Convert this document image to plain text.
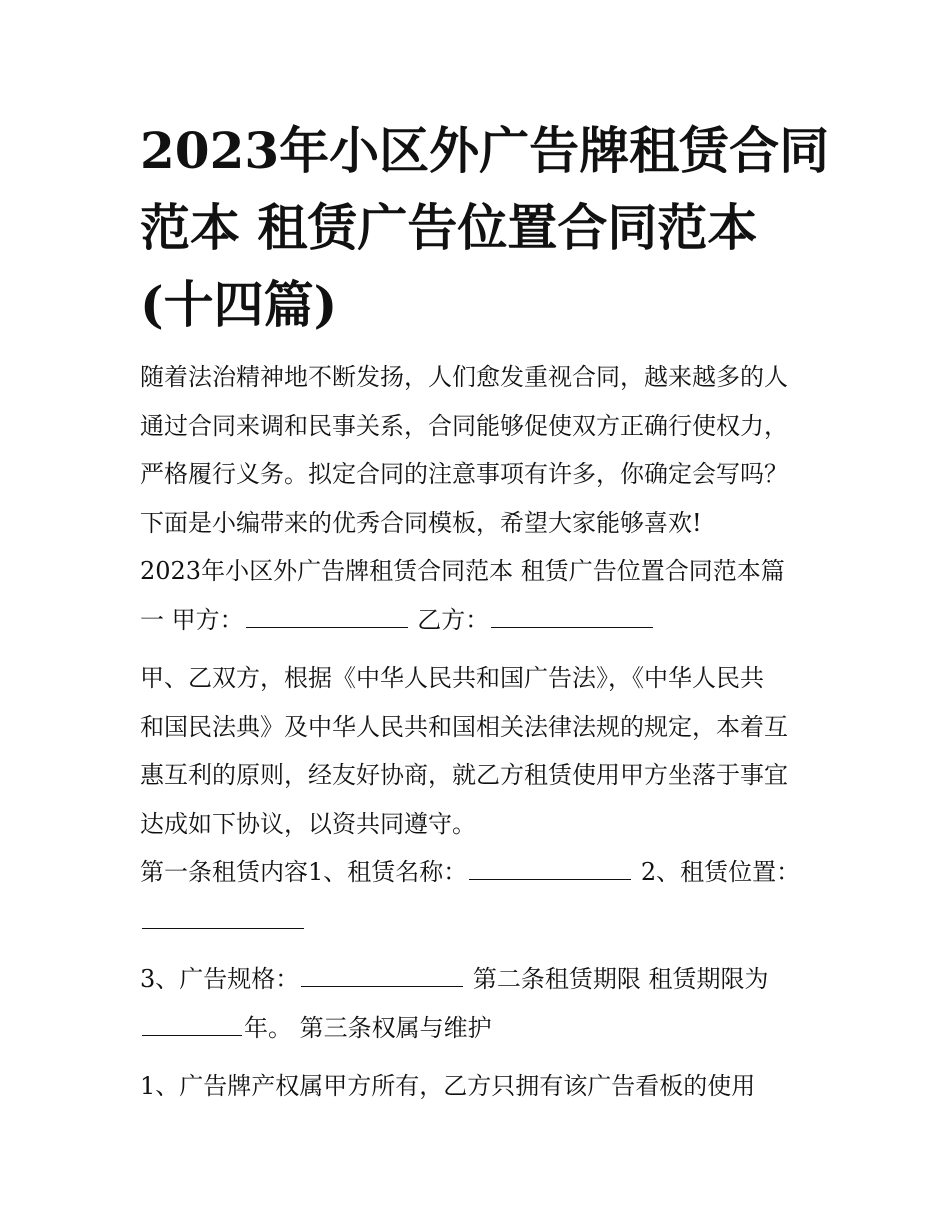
2023年小区外广告牌租赁合同
范本 租赁广告位置合同范本
(十四篇)

随着法治精神地不断发扬，人们愈发重视合同，越来越多的人
通过合同来调和民事关系，合同能够促使双方正确行使权力，
严格履行义务。拟定合同的注意事项有许多，你确定会写吗？
下面是小编带来的优秀合同模板，希望大家能够喜欢!

2023年小区外广告牌租赁合同范本 租赁广告位置合同范本篇
一 甲方：	乙方：

甲、乙双方，根据《中华人民共和国广告法》，《中华人民共
和国民法典》及中华人民共和国相关法律法规的规定，本着互
惠互利的原则，经友好协商，就乙方租赁使用甲方坐落于事宜
达成如下协议，以资共同遵守。

第一条租赁内容1、租赁名称：	2、租赁位置：

3、广告规格：	第二条租赁期限 租赁期限为
年。 第三条权属与维护

1、广告牌产权属甲方所有，乙方只拥有该广告看板的使用
